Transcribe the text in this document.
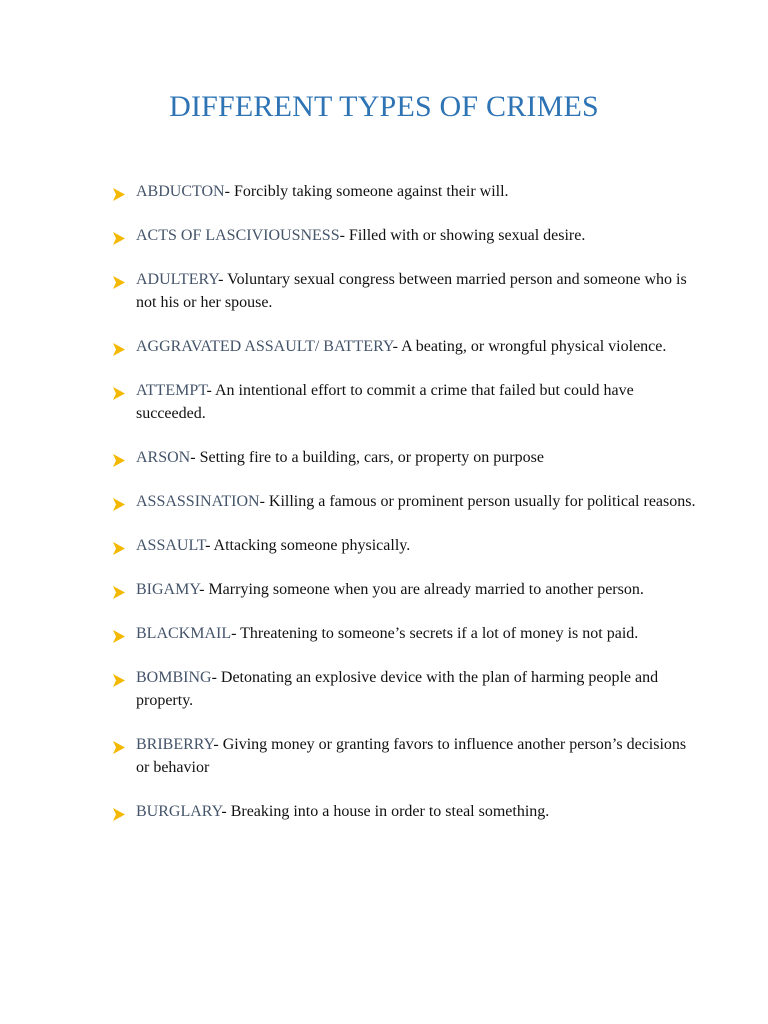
DIFFERENT TYPES OF CRIMES
ABDUCTON- Forcibly taking someone against their will.
ACTS OF LASCIVIOUSNESS- Filled with or showing sexual desire.
ADULTERY- Voluntary sexual congress between married person and someone who is not his or her spouse.
AGGRAVATED ASSAULT/ BATTERY- A beating, or wrongful physical violence.
ATTEMPT- An intentional effort to commit a crime that failed but could have succeeded.
ARSON- Setting fire to a building, cars, or property on purpose
ASSASSINATION- Killing a famous or prominent person usually for political reasons.
ASSAULT- Attacking someone physically.
BIGAMY- Marrying someone when you are already married to another person.
BLACKMAIL- Threatening to someone’s secrets if a lot of money is not paid.
BOMBING- Detonating an explosive device with the plan of harming people and property.
BRIBERRY- Giving money or granting favors to influence another person’s decisions or behavior
BURGLARY- Breaking into a house in order to steal something.
